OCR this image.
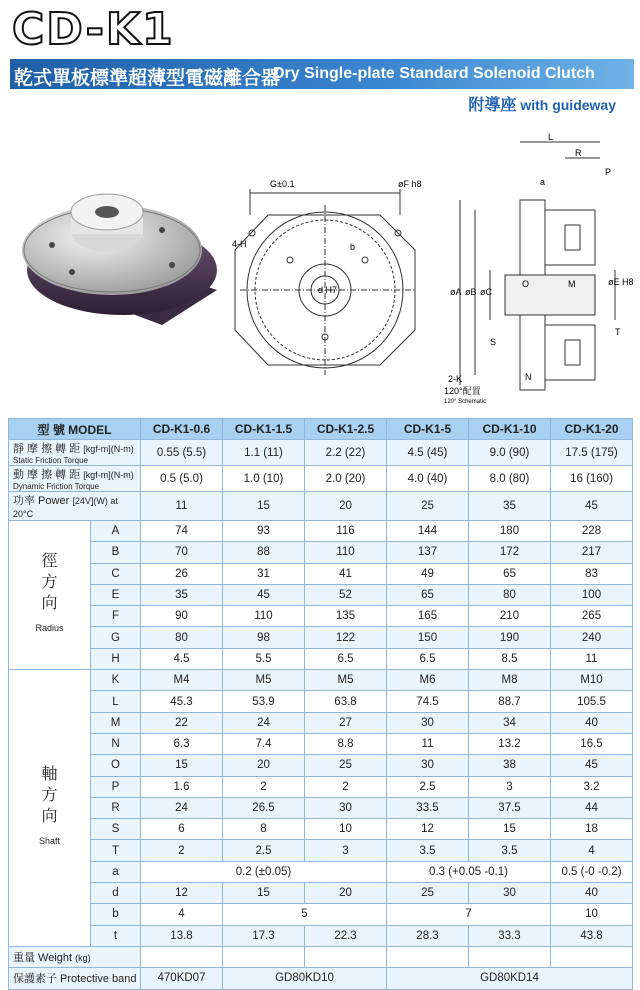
CD-K1
乾式單板標準超薄型電磁離合器
Dry Single-plate Standard Solenoid Clutch
附導座 with guideway
G±0.1	øF h8
4-H	b
d H7
L
R
a
P
øA øB øC
O	M	øE H8
T
S
N
2-K
120°配置
120° Schematic
型 號 MODEL		CD-K1-0.6	CD-K1-1.5	CD-K1-2.5	CD-K1-5	CD-K1-10	CD-K1-20
靜 摩 擦 轉 距 [kgf-m](N-m)
Static Friction Torque		0.55 (5.5)	1.1 (11)	2.2 (22)	4.5 (45)	9.0 (90)	17.5 (175)
動 摩 擦 轉 距 [kgf-m](N-m)
Dynamic Friction Torque		0.5 (5.0)	1.0 (10)	2.0 (20)	4.0 (40)	8.0 (80)	16 (160)
功率 Power [24V](W) at 20°C		11	15	20	25	35	45

徑
方
向
Radius	A	74	93	116	144	180	228
	B	70	88	110	137	172	217
	C	26	31	41	49	65	83
	E	35	45	52	65	80	100
	F	90	110	135	165	210	265
	G	80	98	122	150	190	240
	H	4.5	5.5	6.5	6.5	8.5	11

軸
方
向
Shaft	K	M4	M5	M5	M6	M8	M10
	L	45.3	53.9	63.8	74.5	88.7	105.5
	M	22	24	27	30	34	40
	N	6.3	7.4	8.8	11	13.2	16.5
	O	15	20	25	30	38	45
	P	1.6	2	2	2.5	3	3.2
	R	24	26.5	30	33.5	37.5	44
	S	6	8	10	12	15	18
	T	2	2.5	3	3.5	3.5	4
	a	0.2 (±0.05)			0.3 (+0.05 -0.1)		0.5 (-0 -0.2)
	d	12	15	20	25	30	40
	b	4	5		7		10
	t	13.8	17.3	22.3	28.3	33.3	43.8
重量 Weight (kg)							
保護素子 Protective band		470KD07	GD80KD10		GD80KD14		
